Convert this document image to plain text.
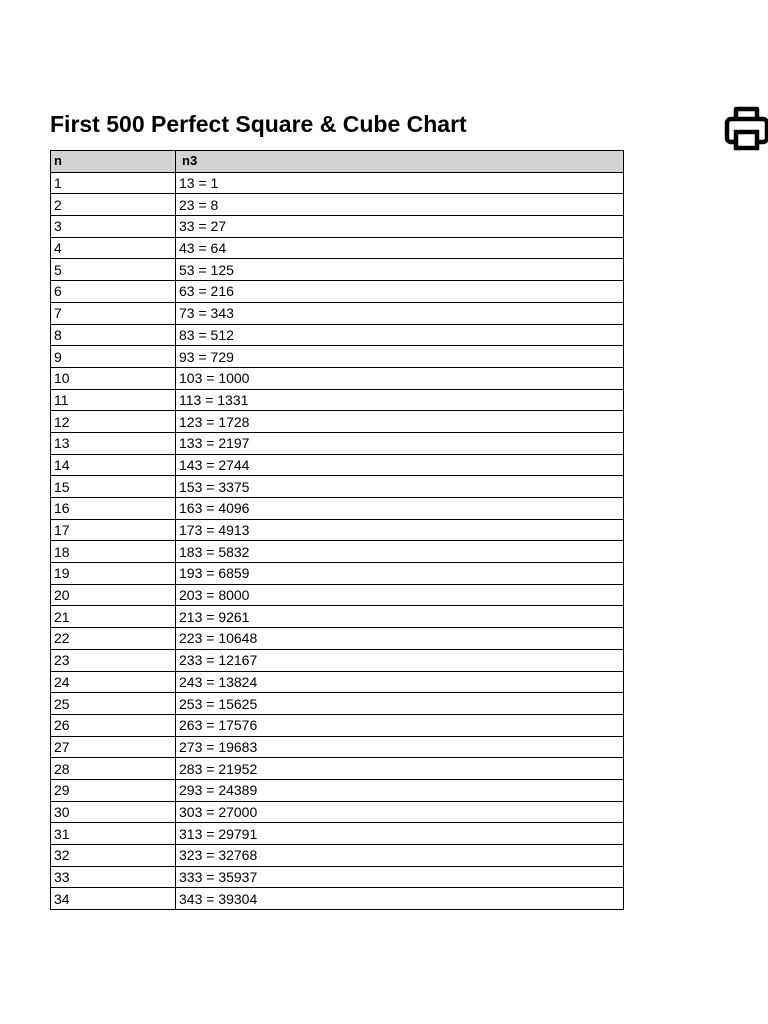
First 500 Perfect Square & Cube Chart
n	n3
1	13 = 1
2	23 = 8
3	33 = 27
4	43 = 64
5	53 = 125
6	63 = 216
7	73 = 343
8	83 = 512
9	93 = 729
10	103 = 1000
11	113 = 1331
12	123 = 1728
13	133 = 2197
14	143 = 2744
15	153 = 3375
16	163 = 4096
17	173 = 4913
18	183 = 5832
19	193 = 6859
20	203 = 8000
21	213 = 9261
22	223 = 10648
23	233 = 12167
24	243 = 13824
25	253 = 15625
26	263 = 17576
27	273 = 19683
28	283 = 21952
29	293 = 24389
30	303 = 27000
31	313 = 29791
32	323 = 32768
33	333 = 35937
34	343 = 39304
